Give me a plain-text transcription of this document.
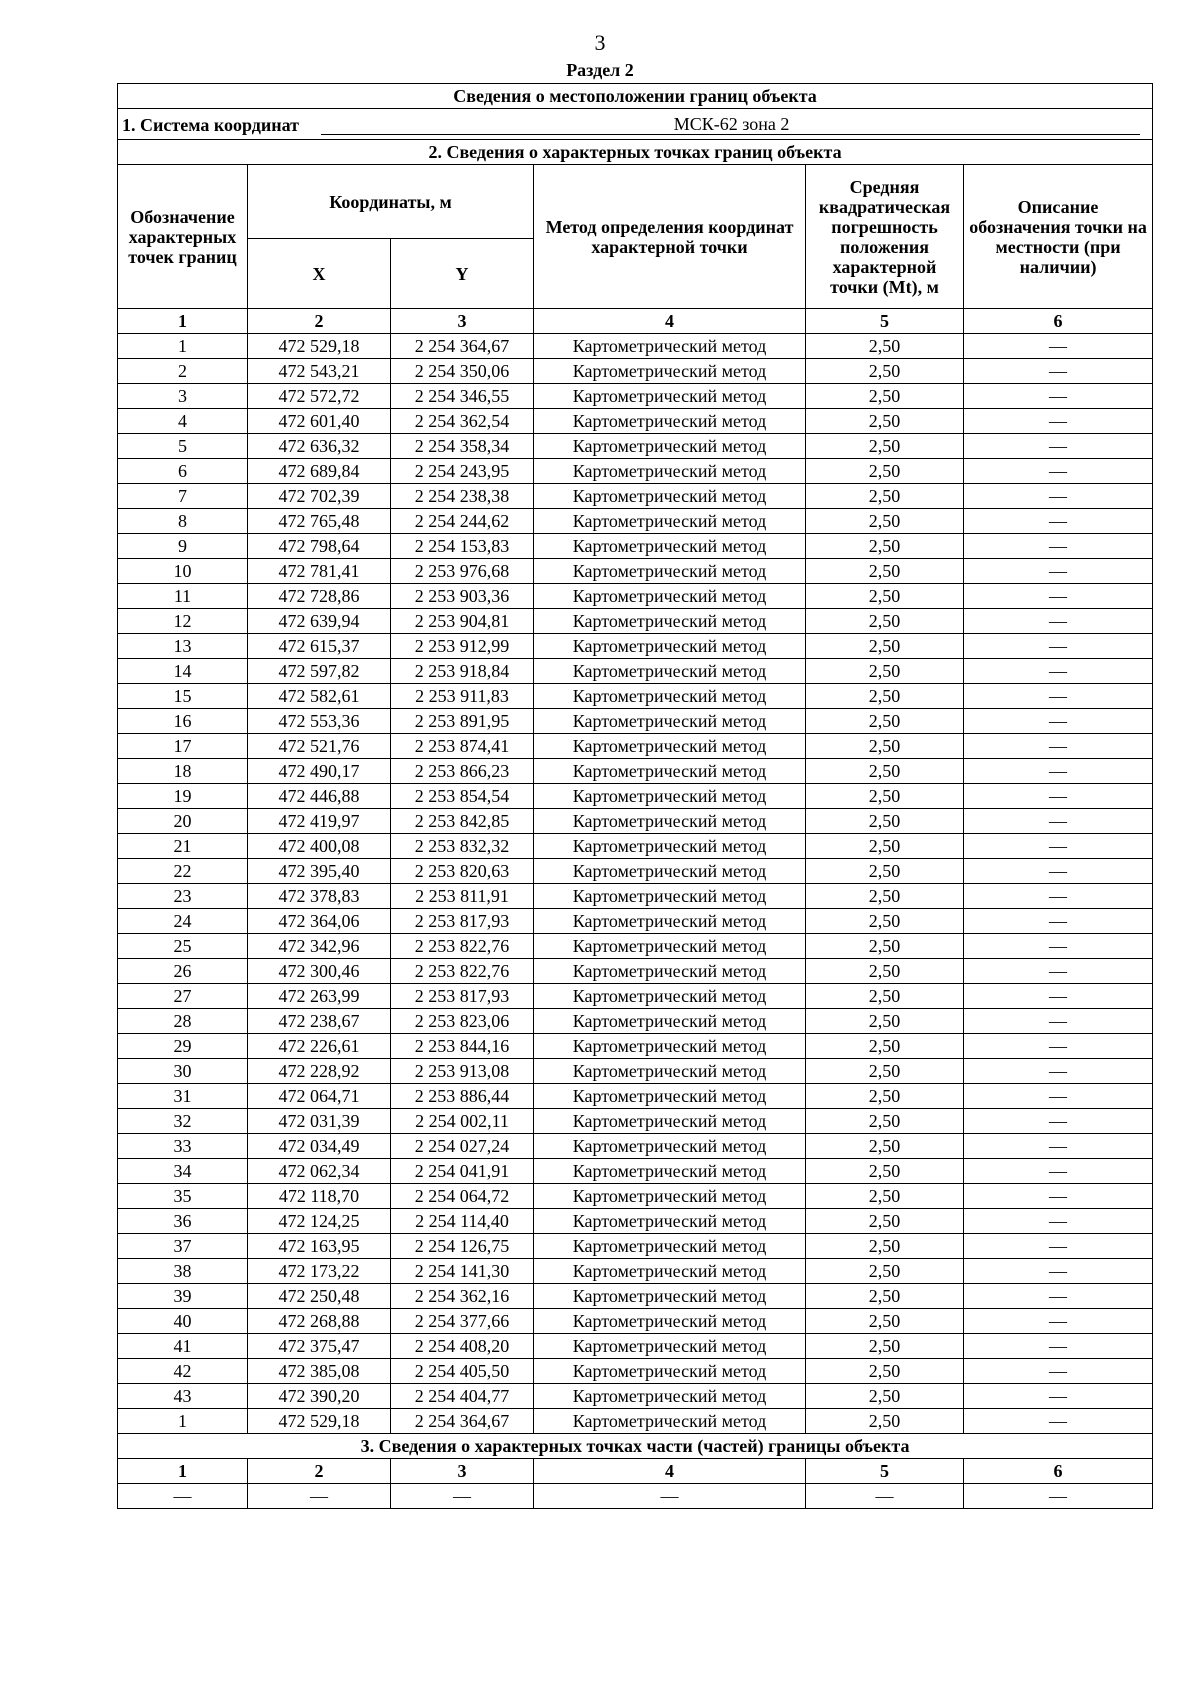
3
Раздел 2
Сведения о местоположении границ объекта					

1. Система координат МСК-62 зона 2					

2. Сведения о характерных точках границ объекта					
Обозначение характерных точек границ	Координаты, м		Метод определения координат характерной точки	Средняя квадратическая погрешность положения характерной точки (Mt), м	Описание обозначения точки на местности (при наличии)
	X	Y			
1	2	3	4	5	6
1	472 529,18	2 254 364,67	Картометрический метод	2,50	—
2	472 543,21	2 254 350,06	Картометрический метод	2,50	—
3	472 572,72	2 254 346,55	Картометрический метод	2,50	—
4	472 601,40	2 254 362,54	Картометрический метод	2,50	—
5	472 636,32	2 254 358,34	Картометрический метод	2,50	—
6	472 689,84	2 254 243,95	Картометрический метод	2,50	—
7	472 702,39	2 254 238,38	Картометрический метод	2,50	—
8	472 765,48	2 254 244,62	Картометрический метод	2,50	—
9	472 798,64	2 254 153,83	Картометрический метод	2,50	—
10	472 781,41	2 253 976,68	Картометрический метод	2,50	—
11	472 728,86	2 253 903,36	Картометрический метод	2,50	—
12	472 639,94	2 253 904,81	Картометрический метод	2,50	—
13	472 615,37	2 253 912,99	Картометрический метод	2,50	—
14	472 597,82	2 253 918,84	Картометрический метод	2,50	—
15	472 582,61	2 253 911,83	Картометрический метод	2,50	—
16	472 553,36	2 253 891,95	Картометрический метод	2,50	—
17	472 521,76	2 253 874,41	Картометрический метод	2,50	—
18	472 490,17	2 253 866,23	Картометрический метод	2,50	—
19	472 446,88	2 253 854,54	Картометрический метод	2,50	—
20	472 419,97	2 253 842,85	Картометрический метод	2,50	—
21	472 400,08	2 253 832,32	Картометрический метод	2,50	—
22	472 395,40	2 253 820,63	Картометрический метод	2,50	—
23	472 378,83	2 253 811,91	Картометрический метод	2,50	—
24	472 364,06	2 253 817,93	Картометрический метод	2,50	—
25	472 342,96	2 253 822,76	Картометрический метод	2,50	—
26	472 300,46	2 253 822,76	Картометрический метод	2,50	—
27	472 263,99	2 253 817,93	Картометрический метод	2,50	—
28	472 238,67	2 253 823,06	Картометрический метод	2,50	—
29	472 226,61	2 253 844,16	Картометрический метод	2,50	—
30	472 228,92	2 253 913,08	Картометрический метод	2,50	—
31	472 064,71	2 253 886,44	Картометрический метод	2,50	—
32	472 031,39	2 254 002,11	Картометрический метод	2,50	—
33	472 034,49	2 254 027,24	Картометрический метод	2,50	—
34	472 062,34	2 254 041,91	Картометрический метод	2,50	—
35	472 118,70	2 254 064,72	Картометрический метод	2,50	—
36	472 124,25	2 254 114,40	Картометрический метод	2,50	—
37	472 163,95	2 254 126,75	Картометрический метод	2,50	—
38	472 173,22	2 254 141,30	Картометрический метод	2,50	—
39	472 250,48	2 254 362,16	Картометрический метод	2,50	—
40	472 268,88	2 254 377,66	Картометрический метод	2,50	—
41	472 375,47	2 254 408,20	Картометрический метод	2,50	—
42	472 385,08	2 254 405,50	Картометрический метод	2,50	—
43	472 390,20	2 254 404,77	Картометрический метод	2,50	—
1	472 529,18	2 254 364,67	Картометрический метод	2,50	—
3. Сведения о характерных точках части (частей) границы объекта					
1	2	3	4	5	6
—	—	—	—	—	—
